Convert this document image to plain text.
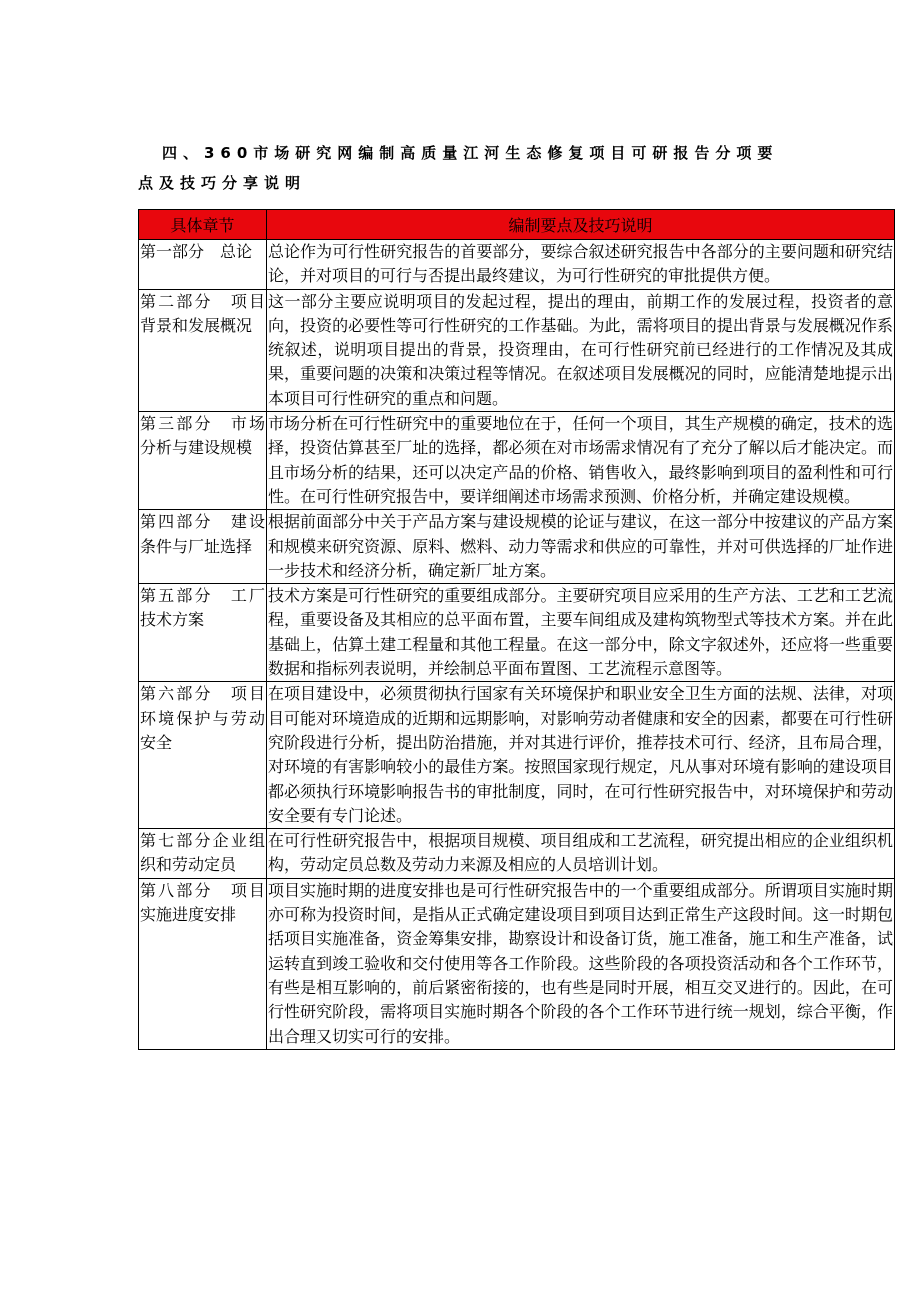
四、360市场研究网编制高质量江河生态修复项目可研报告分项要点及技巧分享说明
具体章节	编制要点及技巧说明
第一部分　总论	总论作为可行性研究报告的首要部分，要综合叙述研究报告中各部分的主要问题和研究结论，并对项目的可行与否提出最终建议，为可行性研究的审批提供方便。
第二部分　项目背景和发展概况	这一部分主要应说明项目的发起过程，提出的理由，前期工作的发展过程，投资者的意向，投资的必要性等可行性研究的工作基础。为此，需将项目的提出背景与发展概况作系统叙述，说明项目提出的背景，投资理由，在可行性研究前已经进行的工作情况及其成果，重要问题的决策和决策过程等情况。在叙述项目发展概况的同时，应能清楚地提示出本项目可行性研究的重点和问题。
第三部分　市场分析与建设规模	市场分析在可行性研究中的重要地位在于，任何一个项目，其生产规模的确定，技术的选择，投资估算甚至厂址的选择，都必须在对市场需求情况有了充分了解以后才能决定。而且市场分析的结果，还可以决定产品的价格、销售收入，最终影响到项目的盈利性和可行性。在可行性研究报告中，要详细阐述市场需求预测、价格分析，并确定建设规模。
第四部分　建设条件与厂址选择	根据前面部分中关于产品方案与建设规模的论证与建议，在这一部分中按建议的产品方案和规模来研究资源、原料、燃料、动力等需求和供应的可靠性，并对可供选择的厂址作进一步技术和经济分析，确定新厂址方案。
第五部分　工厂技术方案	技术方案是可行性研究的重要组成部分。主要研究项目应采用的生产方法、工艺和工艺流程，重要设备及其相应的总平面布置，主要车间组成及建构筑物型式等技术方案。并在此基础上，估算土建工程量和其他工程量。在这一部分中，除文字叙述外，还应将一些重要数据和指标列表说明，并绘制总平面布置图、工艺流程示意图等。
第六部分　项目环境保护与劳动安全	在项目建设中，必须贯彻执行国家有关环境保护和职业安全卫生方面的法规、法律，对项目可能对环境造成的近期和远期影响，对影响劳动者健康和安全的因素，都要在可行性研究阶段进行分析，提出防治措施，并对其进行评价，推荐技术可行、经济，且布局合理，对环境的有害影响较小的最佳方案。按照国家现行规定，凡从事对环境有影响的建设项目都必须执行环境影响报告书的审批制度，同时，在可行性研究报告中，对环境保护和劳动安全要有专门论述。
第七部分企业组织和劳动定员	在可行性研究报告中，根据项目规模、项目组成和工艺流程，研究提出相应的企业组织机构，劳动定员总数及劳动力来源及相应的人员培训计划。
第八部分　项目实施进度安排	项目实施时期的进度安排也是可行性研究报告中的一个重要组成部分。所谓项目实施时期亦可称为投资时间，是指从正式确定建设项目到项目达到正常生产这段时间。这一时期包括项目实施准备，资金筹集安排，勘察设计和设备订货，施工准备，施工和生产准备，试运转直到竣工验收和交付使用等各工作阶段。这些阶段的各项投资活动和各个工作环节，有些是相互影响的，前后紧密衔接的，也有些是同时开展，相互交叉进行的。因此，在可行性研究阶段，需将项目实施时期各个阶段的各个工作环节进行统一规划，综合平衡，作出合理又切实可行的安排。
